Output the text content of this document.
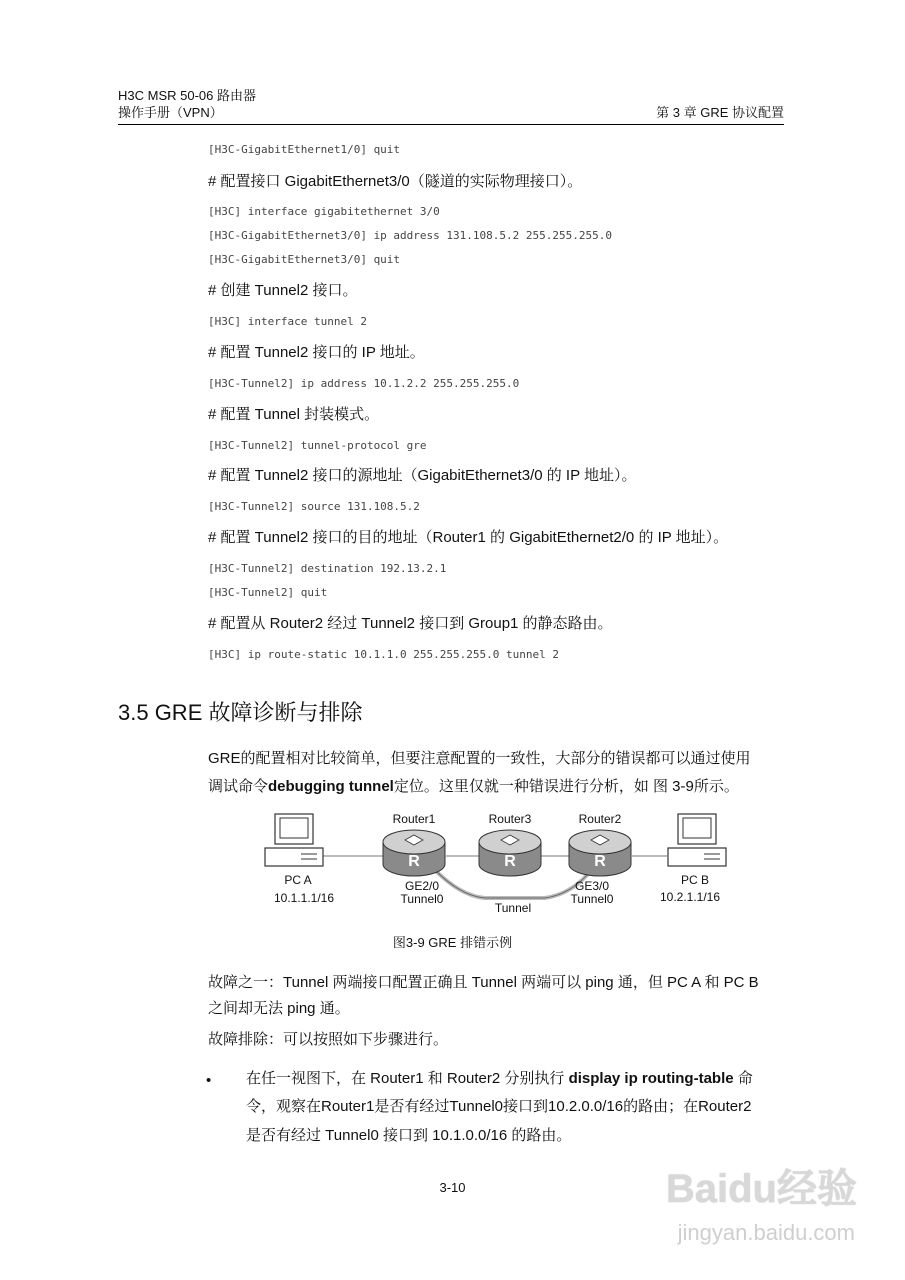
H3C MSR 50-06 路由器
操作手册（VPN）	第 3 章 GRE 协议配置
[H3C-GigabitEthernet1/0] quit
# 配置接口 GigabitEthernet3/0（隧道的实际物理接口）。
[H3C] interface gigabitethernet 3/0
[H3C-GigabitEthernet3/0] ip address 131.108.5.2 255.255.255.0
[H3C-GigabitEthernet3/0] quit
# 创建 Tunnel2 接口。
[H3C] interface tunnel 2
# 配置 Tunnel2 接口的 IP 地址。
[H3C-Tunnel2] ip address 10.1.2.2 255.255.255.0
# 配置 Tunnel 封装模式。
[H3C-Tunnel2] tunnel-protocol gre
# 配置 Tunnel2 接口的源地址（GigabitEthernet3/0 的 IP 地址）。
[H3C-Tunnel2] source 131.108.5.2
# 配置 Tunnel2 接口的目的地址（Router1 的 GigabitEthernet2/0 的 IP 地址）。
[H3C-Tunnel2] destination 192.13.2.1
[H3C-Tunnel2] quit
# 配置从 Router2 经过 Tunnel2 接口到 Group1 的静态路由。
[H3C] ip route-static 10.1.1.0 255.255.255.0 tunnel 2
3.5 GRE 故障诊断与排除
GRE的配置相对比较简单，但要注意配置的一致性，大部分的错误都可以通过使用
调试命令debugging tunnel定位。这里仅就一种错误进行分析，如 图 3-9所示。
R	R	R
Router1	Router3	Router2
PC A
10.1.1.1/16
PC B
10.2.1.1/16
GE2/0
Tunnel0
GE3/0
Tunnel0
Tunnel
图3-9 GRE 排错示例
故障之一：Tunnel 两端接口配置正确且 Tunnel 两端可以 ping 通，但 PC A 和 PC B
之间却无法 ping 通。
故障排除：可以按照如下步骤进行。
• 在任一视图下，在 Router1 和 Router2 分别执行 display ip routing-table 命
令，观察在Router1是否有经过Tunnel0接口到10.2.0.0/16的路由；在Router2
是否有经过 Tunnel0 接口到 10.1.0.0/16 的路由。
3-10	Baidu经验
jingyan.baidu.com
